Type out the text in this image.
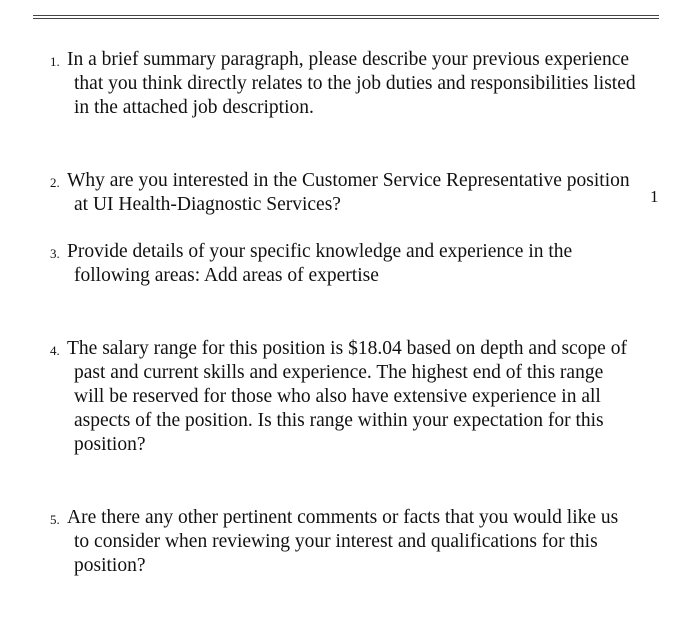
1. In a brief summary paragraph, please describe your previous experience
that you think directly relates to the job duties and responsibilities listed
in the attached job description.
2. Why are you interested in the Customer Service Representative position
at UI Health-Diagnostic Services?	1
3. Provide details of your specific knowledge and experience in the
following areas: Add areas of expertise
4. The salary range for this position is $18.04 based on depth and scope of
past and current skills and experience. The highest end of this range
will be reserved for those who also have extensive experience in all
aspects of the position. Is this range within your expectation for this
position?
5. Are there any other pertinent comments or facts that you would like us
to consider when reviewing your interest and qualifications for this
position?
